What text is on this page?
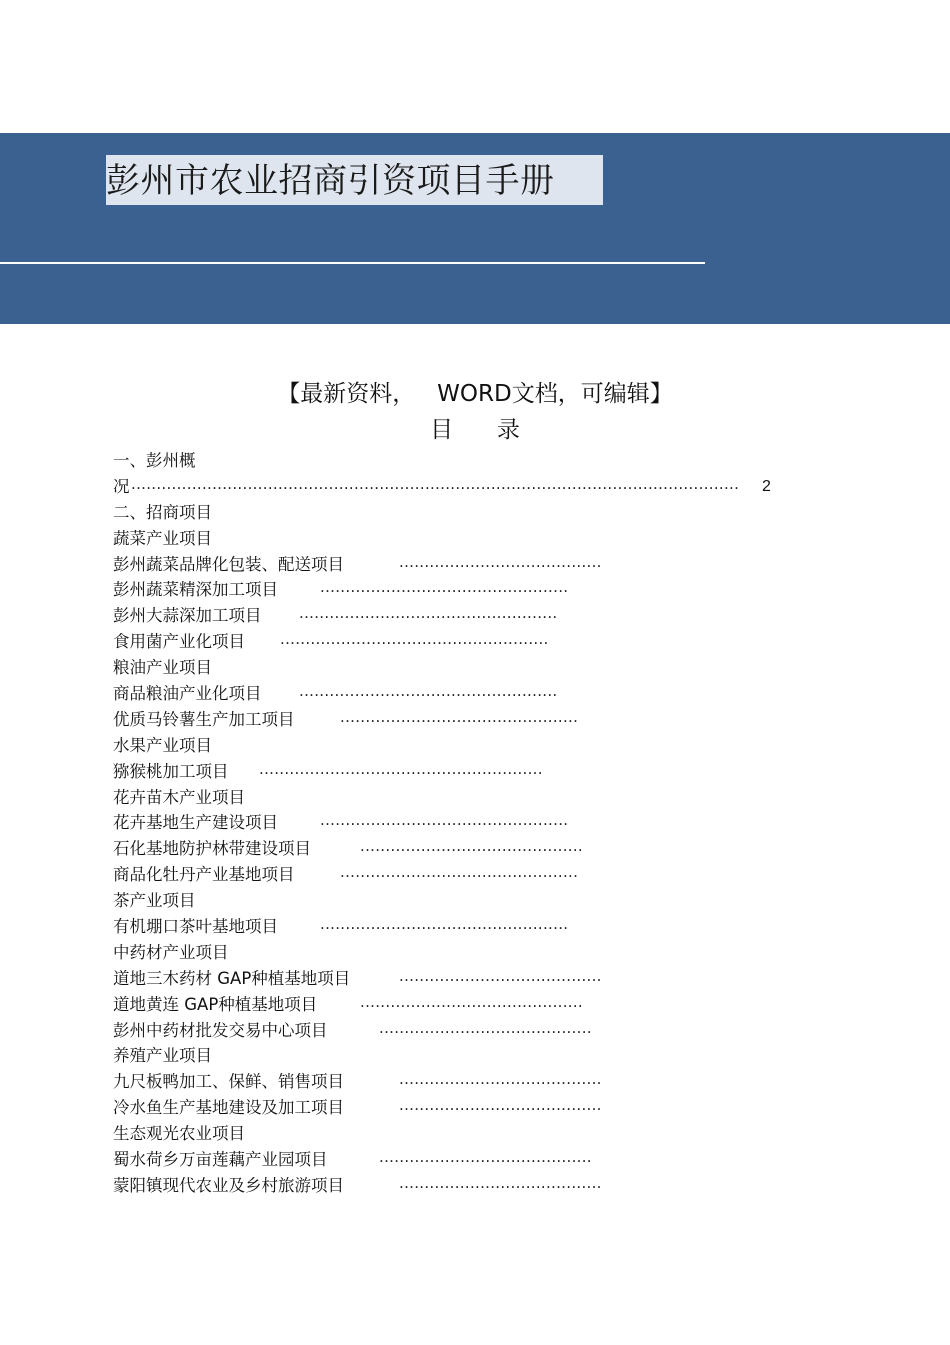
彭州市农业招商引资项目手册
【最新资料，   WORD文档，可编辑】
目      录
一、彭州概
况 ........................................................................................................................ 2
二、招商项目
蔬菜产业项目
彭州蔬菜品牌化包装、配送项目	........................................
彭州蔬菜精深加工项目	.................................................
彭州大蒜深加工项目	...................................................
食用菌产业化项目 .....................................................
粮油产业项目
商品粮油产业化项目	...................................................
优质马铃薯生产加工项目	...............................................
水果产业项目
猕猴桃加工项目 ........................................................
花卉苗木产业项目
花卉基地生产建设项目	.................................................
石化基地防护林带建设项目	............................................
商品化牡丹产业基地项目	...............................................
茶产业项目
有机堋口茶叶基地项目	.................................................
中药材产业项目
道地三木药材 GAP种植基地项目	........................................
道地黄连 GAP种植基地项目	............................................
彭州中药材批发交易中心项目	..........................................
养殖产业项目
九尺板鸭加工、保鲜、销售项目	........................................
冷水鱼生产基地建设及加工项目	........................................
生态观光农业项目
蜀水荷乡万亩莲藕产业园项目	..........................................
蒙阳镇现代农业及乡村旅游项目	........................................
